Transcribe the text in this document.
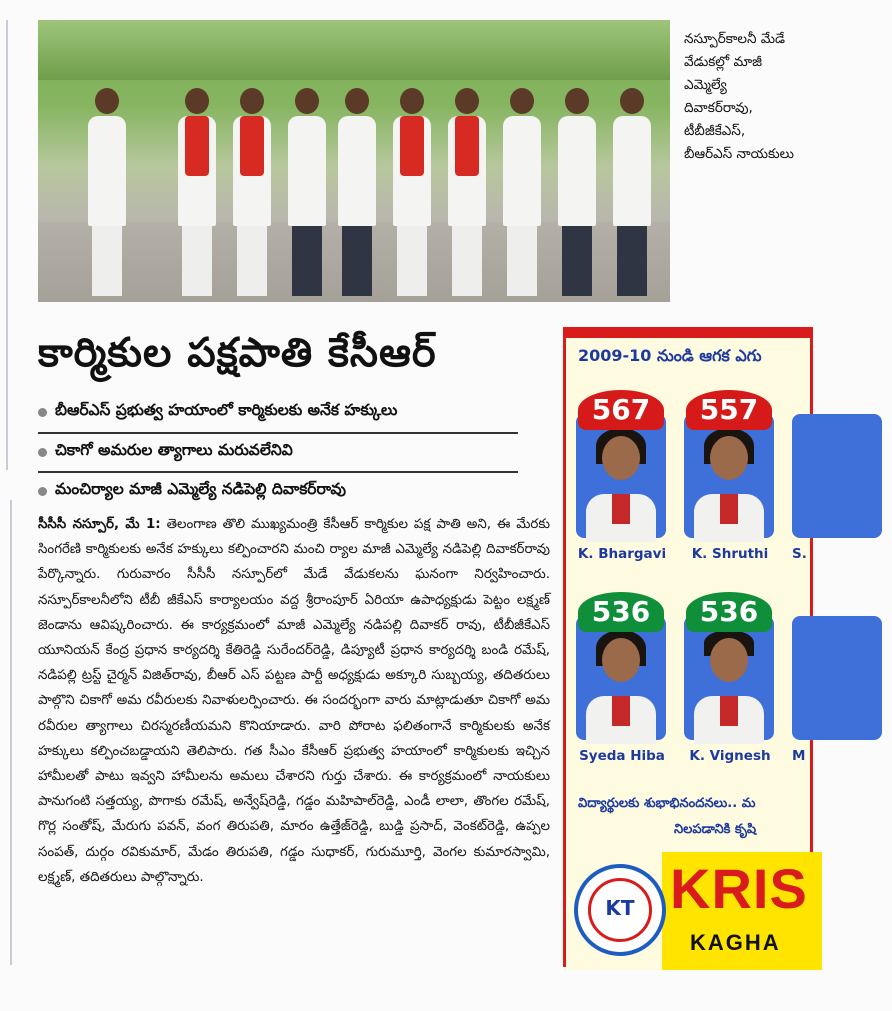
నస్పూర్‌కాలనీ మేడే వేడుకల్లో మాజీ ఎమ్మెల్యే దివాకర్‌రావు, టీబీజీకేఎస్, బీఆర్‌ఎస్ నాయకులు
కార్మికుల పక్షపాతి కేసీఆర్
బీఆర్‌ఎస్ ప్రభుత్వ హయాంలో కార్మికులకు అనేక హక్కులు
చికాగో అమరుల త్యాగాలు మరువలేనివి
మంచిర్యాల మాజీ ఎమ్మెల్యే నడిపెల్లి దివాకర్‌రావు
సీసీసీ నస్పూర్, మే 1: తెలంగాణ తొలి ముఖ్యమంత్రి కేసీఆర్ కార్మికుల పక్ష పాతి అని, ఈ మేరకు సింగరేణి కార్మికులకు అనేక హక్కులు కల్పించారని మంచి ర్యాల మాజీ ఎమ్మెల్యే నడిపెల్లి దివాకర్‌రావు పేర్కొన్నారు. గురువారం సీసీసీ నస్పూర్‌లో మేడే వేడుకలను ఘనంగా నిర్వహించారు. నస్పూర్‌కాలనీలోని టీబీ జీకేఎస్ కార్యాలయం వద్ద శ్రీరాంపూర్ ఏరియా ఉపాధ్యక్షుడు పెట్టం లక్ష్మణ్ జెండాను ఆవిష్కరించారు. ఈ కార్యక్రమంలో మాజీ ఎమ్మెల్యే నడిపల్లి దివాకర్ రావు, టీబీజీకేఎస్ యూనియన్ కేంద్ర ప్రధాన కార్యదర్శి కేతిరెడ్డి సురేందర్‌రెడ్డి, డిప్యూటీ ప్రధాన కార్యదర్శి బండి రమేష్, నడిపల్లి ట్రస్ట్ చైర్మన్ విజిత్‌రావు, బీఆర్ ఎస్ పట్టణ పార్టీ అధ్యక్షుడు అక్కూరి సుబ్బయ్య, తదితరులు పాల్గొని చికాగో అమ రవీరులకు నివాళులర్పించారు. ఈ సందర్భంగా వారు మాట్లాడుతూ చికాగో అమ రవీరుల త్యాగాలు చిరస్మరణీయమని కొనియాడారు. వారి పోరాట ఫలితంగానే కార్మికులకు అనేక హక్కులు కల్పించబడ్డాయని తెలిపారు. గత సీఎం కేసీఆర్ ప్రభుత్వ హయాంలో కార్మికులకు ఇచ్చిన హామీలతో పాటు ఇవ్వని హామీలను అమలు చేశారని గుర్తు చేశారు. ఈ కార్యక్రమంలో నాయకులు పానుగంటి సత్తయ్య, పొగాకు రమేష్, అన్వేష్‌రెడ్డి, గడ్డం మహిపాల్‌రెడ్డి, ఎండీ లాలా, తొంగల రమేష్, గొర్ల సంతోష్, మేరుగు పవన్, వంగ తిరుపతి, మారం ఉత్తేజ్‌రెడ్డి, బుడ్డి ప్రసాద్, వెంకట్‌రెడ్డి, ఉప్పల సంపత్, దుర్గం రవికుమార్, మేడం తిరుపతి, గడ్డం సుధాకర్, గురుమూర్తి, వెంగల కుమారస్వామి, లక్ష్మణ్, తదితరులు పాల్గొన్నారు.
2009-10 నుండి ఆగక ఎగు
567
K. Bhargavi
557
K. Shruthi	S.
536
Syeda Hiba
536
K. Vignesh	M
విద్యార్థులకు శుభాభినందనలు.. మ
నిలపడానికి కృషి
KT KRIS
KAGHA
